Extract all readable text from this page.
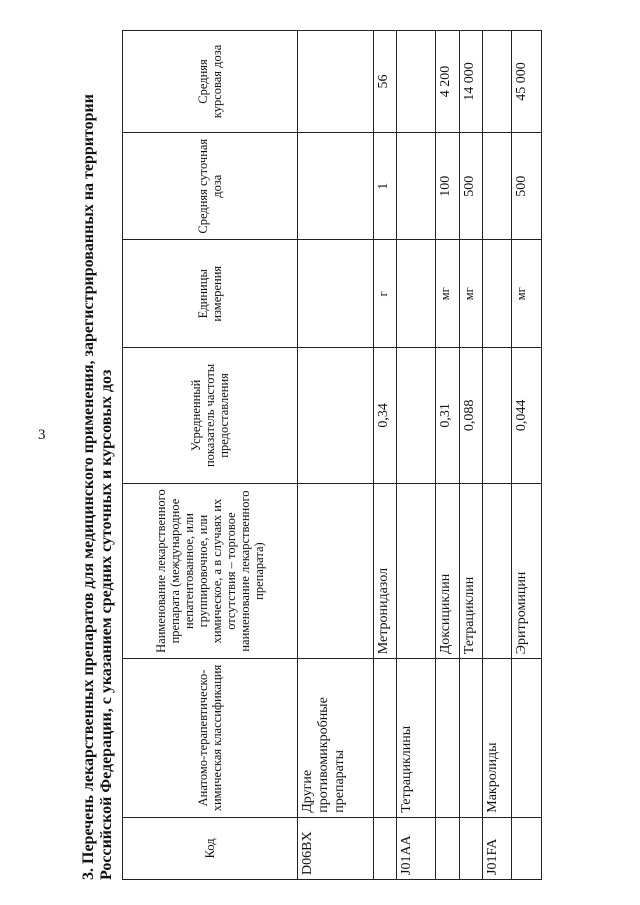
3 3. Перечень лекарственных препаратов для медицинского применения, зарегистрированных на территории Российской Федерации, с указанием средних суточных и курсовых доз	Код	Анатомо-терапевтическо-химическая классификация	Наименование лекарственного препарата (международное непатентованное, или группировочное, или химическое, а в случаях их отсутствия – торговое наименование лекарственного препарата)	Усредненный показатель частоты предоставления	Единицы измерения	Средняя суточная доза	Средняя курсовая доза
D06BX	Другие противомикробные препараты					
		Метронидазол	0,34	г	1	56
J01AA	Тетрациклины					
		Доксициклин	0,31	мг	100	4 200
		Тетрациклин	0,088	мг	500	14 000
J01FA	Макролиды					
		Эритромицин	0,044	мг	500	45 000
